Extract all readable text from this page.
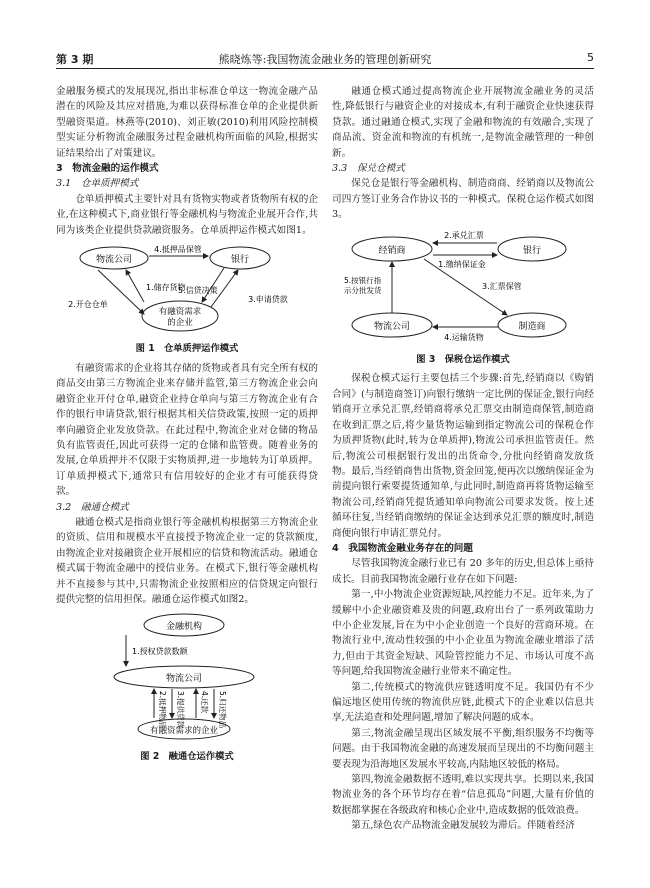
第 3 期	熊晓炼等:我国物流金融业务的管理创新研究	5

金融服务模式的发展现况,指出非标准仓单这一物流金融产品潜在的风险及其应对措施,为难以获得标准仓单的企业提供新型融资渠道。林燕等(2010)、刘正敏(2010)利用风险控制模型实证分析物流金融服务过程金融机构所面临的风险,根据实证结果给出了对策建议。

3　物流金融的运作模式
3.1　仓单质押模式

仓单质押模式主要针对具有货物实物或者货物所有权的企业,在这种模式下,商业银行等金融机构与物流企业展开合作,共同为该类企业提供贷款融资服务。仓单质押运作模式如图1。

物流公司	银行
有融资需求
的企业
4.抵押品保管
1.储存货物
2.开仓仓单
3.申请贷款
5.信贷决策
图 1　仓单质押运作模式

有融资需求的企业将其存储的货物或者具有完全所有权的商品交由第三方物流企业来存储并监管,第三方物流企业会向融资企业开付仓单,融资企业持仓单向与第三方物流企业有合作的银行申请贷款,银行根据其相关信贷政策,按照一定的质押率向融资企业发放贷款。在此过程中,物流企业对仓储的物品负有监管责任,因此可获得一定的仓储和监管费。随着业务的发展,仓单质押并不仅限于实物质押,进一步地转为订单质押。订单质押模式下,通常只有信用较好的企业才有可能获得贷款。

3.2　融通仓模式

融通仓模式是指商业银行等金融机构根据第三方物流企业的资质、信用和规模水平直接授予物流企业一定的贷款额度,由物流企业对接融资企业开展相应的信贷和物流活动。融通仓模式属于物流金融中的授信业务。在模式下,银行等金融机构并不直接参与其中,只需物流企业按照相应的信贷规定向银行提供完整的信用担保。融通仓运作模式如图2。

金融机构
物流公司
有融资需求的企业
1.授权贷款数额
2.抵押物品 3.提供贷款 4.还款 5.归还物品
图 2　融通仓运作模式

融通仓模式通过提高物流企业开展物流金融业务的灵活性,降低银行与融资企业的对接成本,有利于融资企业快速获得贷款。通过融通仓模式,实现了金融和物流的有效融合,实现了商品流、资金流和物流的有机统一,是物流金融管理的一种创新。

3.3　保兑仓模式

保兑仓是银行等金融机构、制造商商、经销商以及物流公司四方签订业务合作协议书的一种模式。保税仓运作模式如图3。

经销商	银行
物流公司	制造商
2.承兑汇票
1.缴纳保证金
3.汇票保管
5.按银行指
示分批发货
4.运输货物
图 3　保税仓运作模式

保税仓模式运行主要包括三个步骤:首先,经销商以《购销合同》(与制造商签订)向银行缴纳一定比例的保证金,银行向经销商开立承兑汇票,经销商将承兑汇票交由制造商保管,制造商在收到汇票之后,将少量货物运输到指定物流公司的保税仓作为质押货物(此时,转为仓单质押),物流公司承担监管责任。然后,物流公司根据银行发出的出货命令,分批向经销商发放货物。最后,当经销商售出货物,资金回笼,便再次以缴纳保证金为前提向银行索要提货通知单,与此同时,制造商再将货物运输至物流公司,经销商凭提货通知单向物流公司要求发货。按上述循环往复,当经销商缴纳的保证金达到承兑汇票的额度时,制造商便向银行申请汇票兑付。

4　我国物流金融业务存在的问题

尽管我国物流金融行业已有 20 多年的历史,但总体上亟待成长。目前我国物流金融行业存在如下问题:

第一,中小物流企业资源短缺,风控能力不足。近年来,为了缓解中小企业融资难及贵的问题,政府出台了一系列政策助力中小企业发展,旨在为中小企业创造一个良好的营商环境。在物流行业中,流动性较强的中小企业虽为物流金融业增添了活力,但由于其资金短缺、风险管控能力不足、市场认可度不高等问题,给我国物流金融行业带来不确定性。

第二,传统模式的物流供应链透明度不足。我国仍有不少偏远地区使用传统的物流供应链,此模式下的企业难以信息共享,无法追查和处理问题,增加了解决问题的成本。

第三,物流金融呈现出区域发展不平衡,组织服务不均衡等问题。由于我国物流金融的高速发展而呈现出的不均衡问题主要表现为沿海地区发展水平较高,内陆地区较低的格局。

第四,物流金融数据不透明,难以实现共享。长期以来,我国物流业务的各个环节均存在着“信息孤岛”问题,大量有价值的数据都掌握在各级政府和核心企业中,造成数据的低效浪费。

第五,绿色农产品物流金融发展较为滞后。伴随着经济
